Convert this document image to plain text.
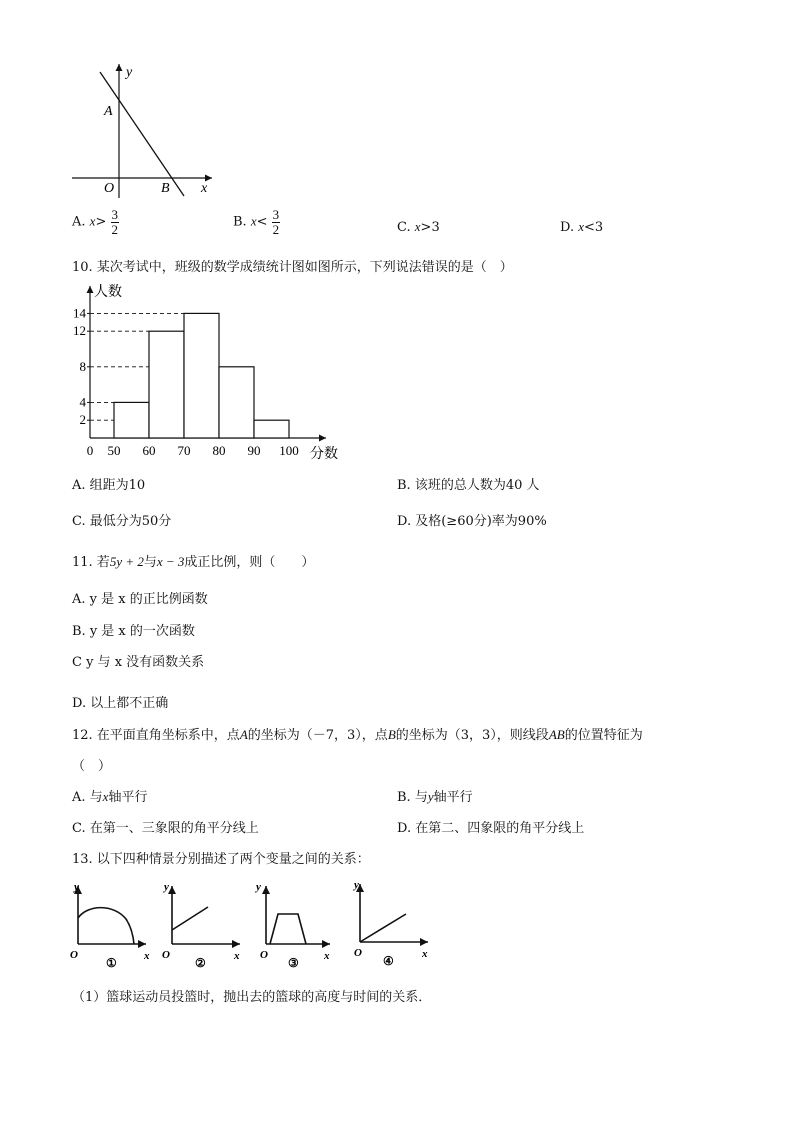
y
A
O	B x
A. $x> \frac{3}{2}$	B. $x< \frac{3}{2}$	C. x>3	D. x<3
10. 某次考试中，班级的数学成绩统计图如图所示，下列说法错误的是（　）
2
4
8
12
14
0 50 60 70 80 90 100
人数
分数
A. 组距为10	B. 该班的总人数为40 人
C. 最低分为50分	D. 及格(≥60分)率为90%
11. 若5y + 2与x − 3成正比例，则（　　）
A. y 是 x 的正比例函数
B. y 是 x 的一次函数
C y 与 x 没有函数关系
D. 以上都不正确
12. 在平面直角坐标系中，点A的坐标为（－7，3），点B的坐标为（3，3），则线段AB的位置特征为
（　）
A. 与x轴平行	B. 与y轴平行
C. 在第一、三象限的角平分线上	D. 在第二、四象限的角平分线上
13. 以下四种情景分别描述了两个变量之间的关系：
y
x
O
①
y
x
O
②
y
x
O
③
y
x
O
④
（1）篮球运动员投篮时，抛出去的篮球的高度与时间的关系．
